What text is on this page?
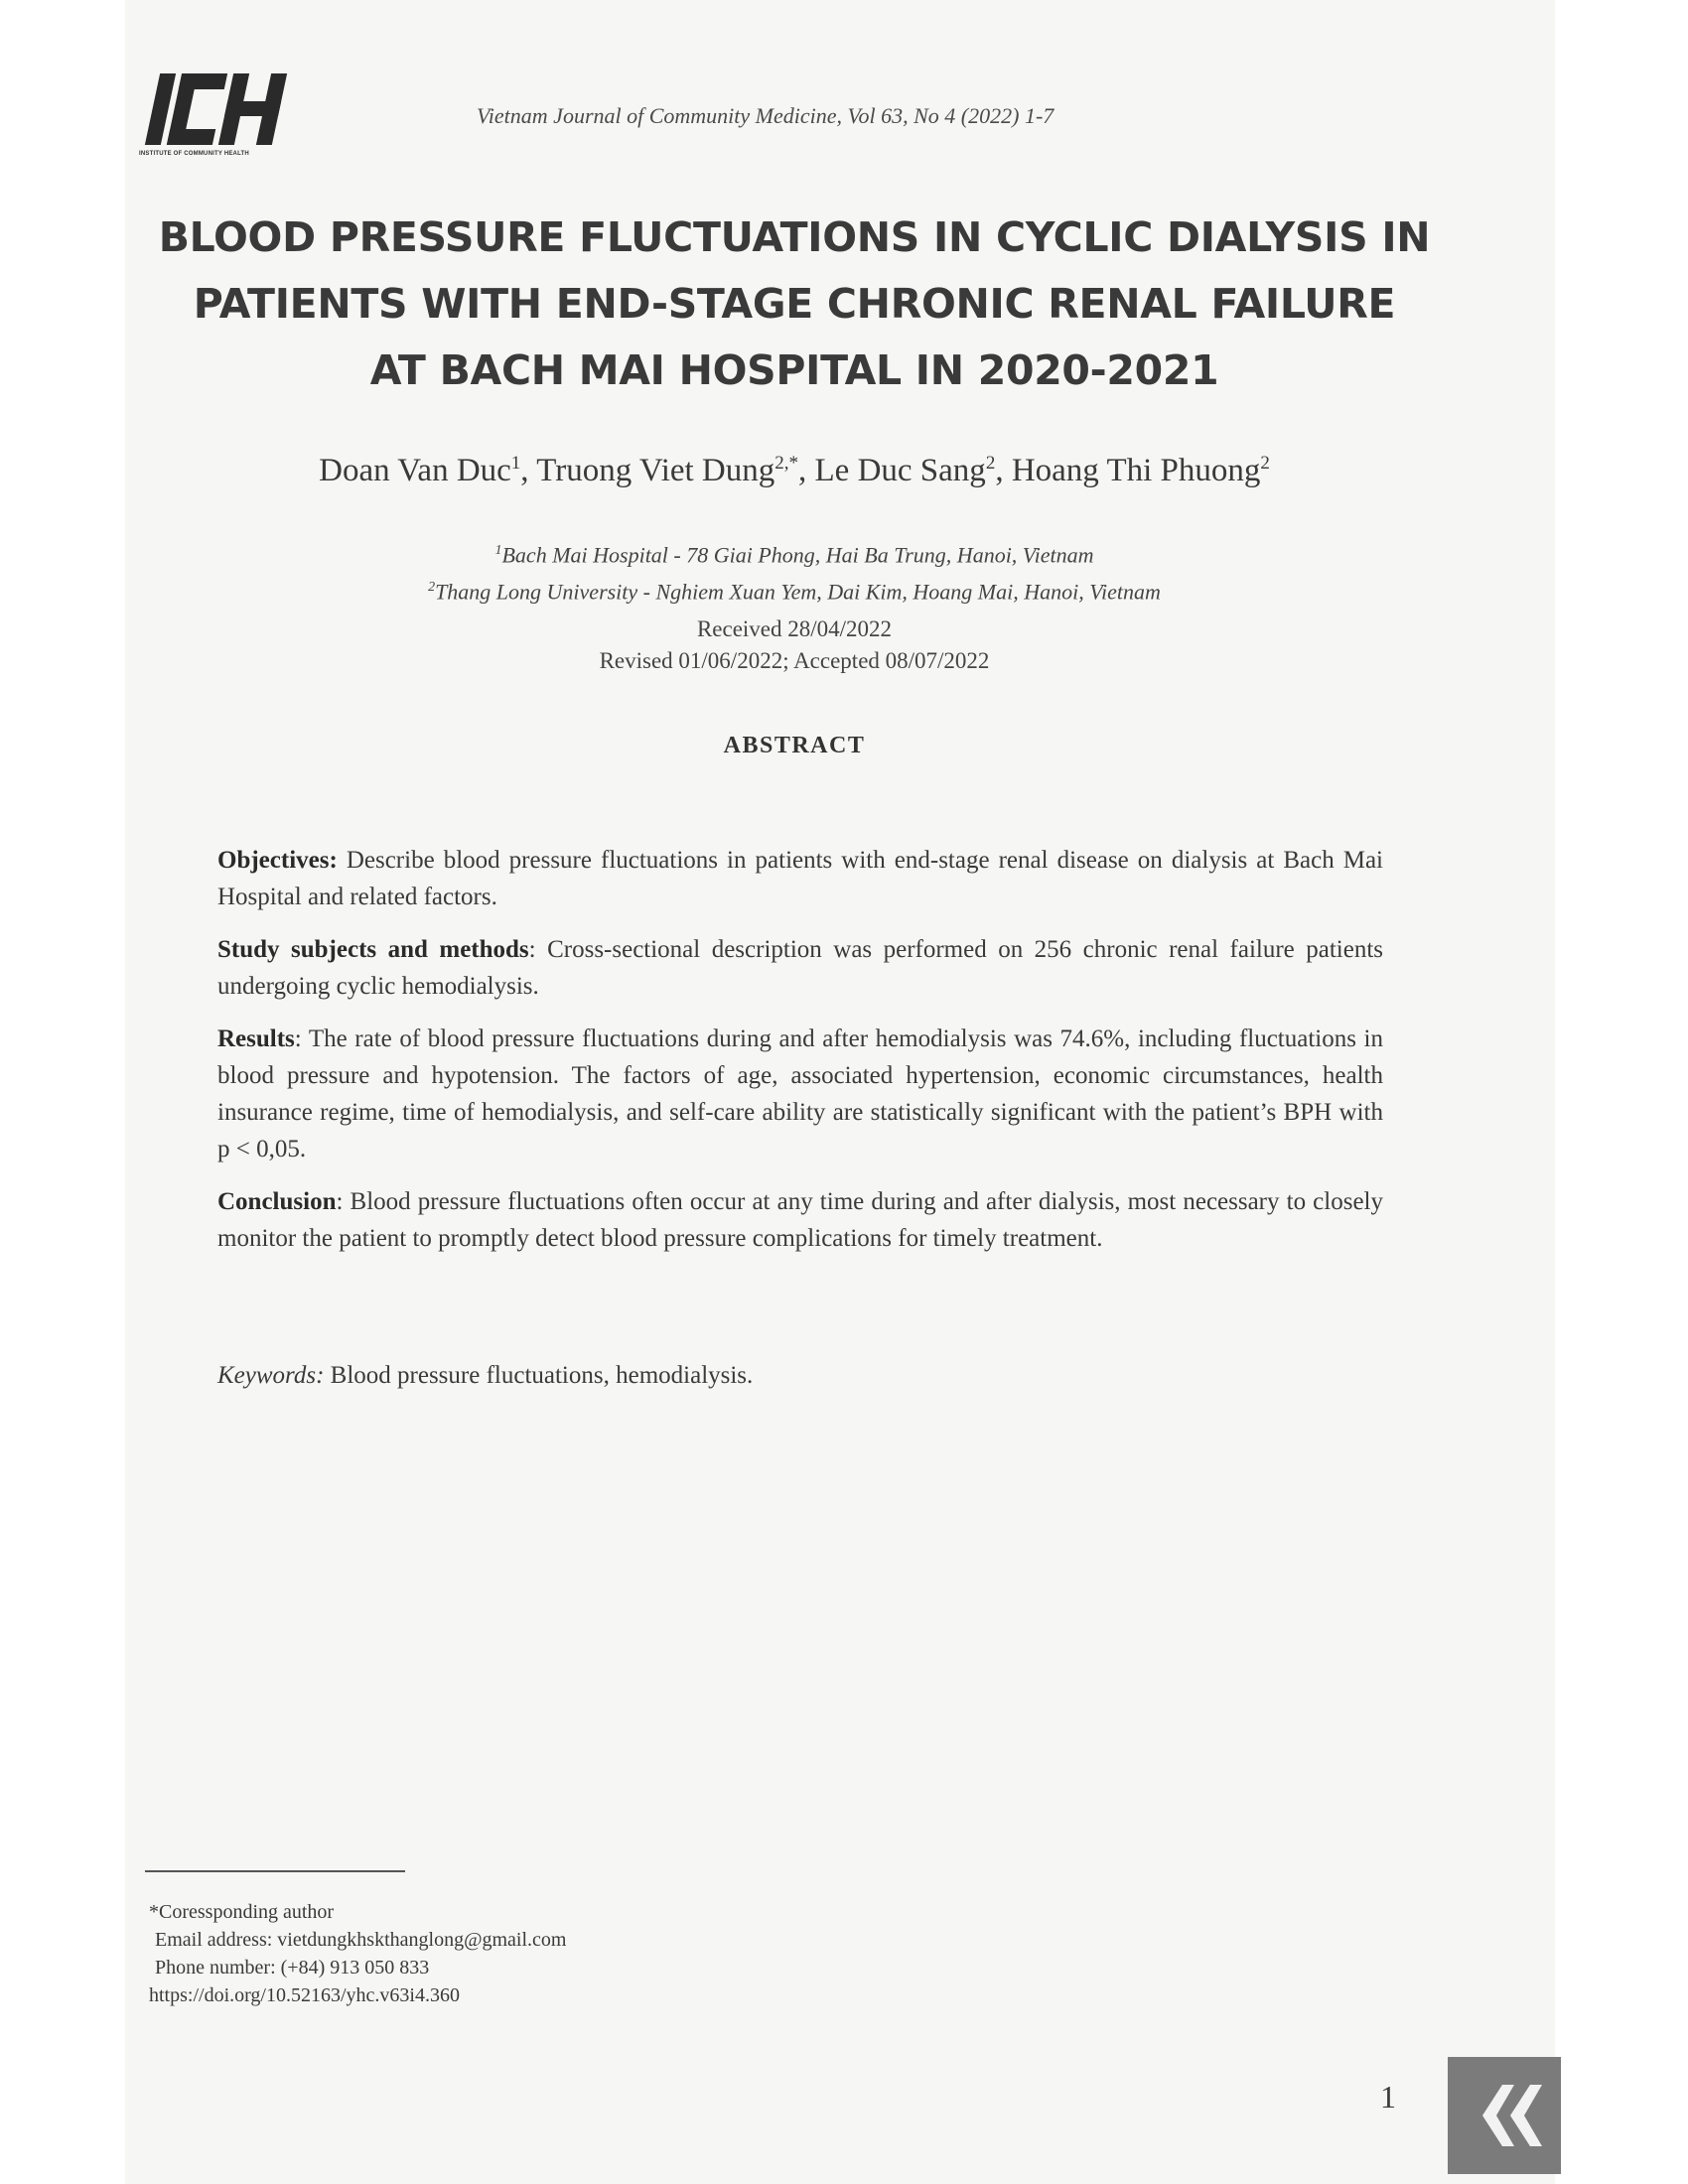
INSTITUTE OF COMMUNITY HEALTH
Vietnam Journal of Community Medicine, Vol 63, No 4 (2022) 1-7
BLOOD PRESSURE FLUCTUATIONS IN CYCLIC DIALYSIS IN
PATIENTS WITH END-STAGE CHRONIC RENAL FAILURE
AT BACH MAI HOSPITAL IN 2020-2021
Doan Van Duc$^1$, Truong Viet Dung$^{2,*}$, Le Duc Sang$^2$, Hoang Thi Phuong$^2$
$^1$Bach Mai Hospital - 78 Giai Phong, Hai Ba Trung, Hanoi, Vietnam
$^2$Thang Long University - Nghiem Xuan Yem, Dai Kim, Hoang Mai, Hanoi, Vietnam
Received 28/04/2022
Revised 01/06/2022; Accepted 08/07/2022
ABSTRACT

Objectives: Describe blood pressure fluctuations in patients with end-stage renal disease on dialysis at Bach Mai Hospital and related factors.

Study subjects and methods: Cross-sectional description was performed on 256 chronic renal failure patients undergoing cyclic hemodialysis.

Results: The rate of blood pressure fluctuations during and after hemodialysis was 74.6%, including fluctuations in blood pressure and hypotension. The factors of age, associated hypertension, economic circumstances, health insurance regime, time of hemodialysis, and self-care ability are statistically significant with the patient’s BPH with p < 0,05.

Conclusion: Blood pressure fluctuations often occur at any time during and after dialysis, most necessary to closely monitor the patient to promptly detect blood pressure complications for timely treatment.

Keywords: Blood pressure fluctuations, hemodialysis.
*Coressponding author
Email address: vietdungkhskthanglong@gmail.com
Phone number: (+84) 913 050 833
https://doi.org/10.52163/yhc.v63i4.360
1
